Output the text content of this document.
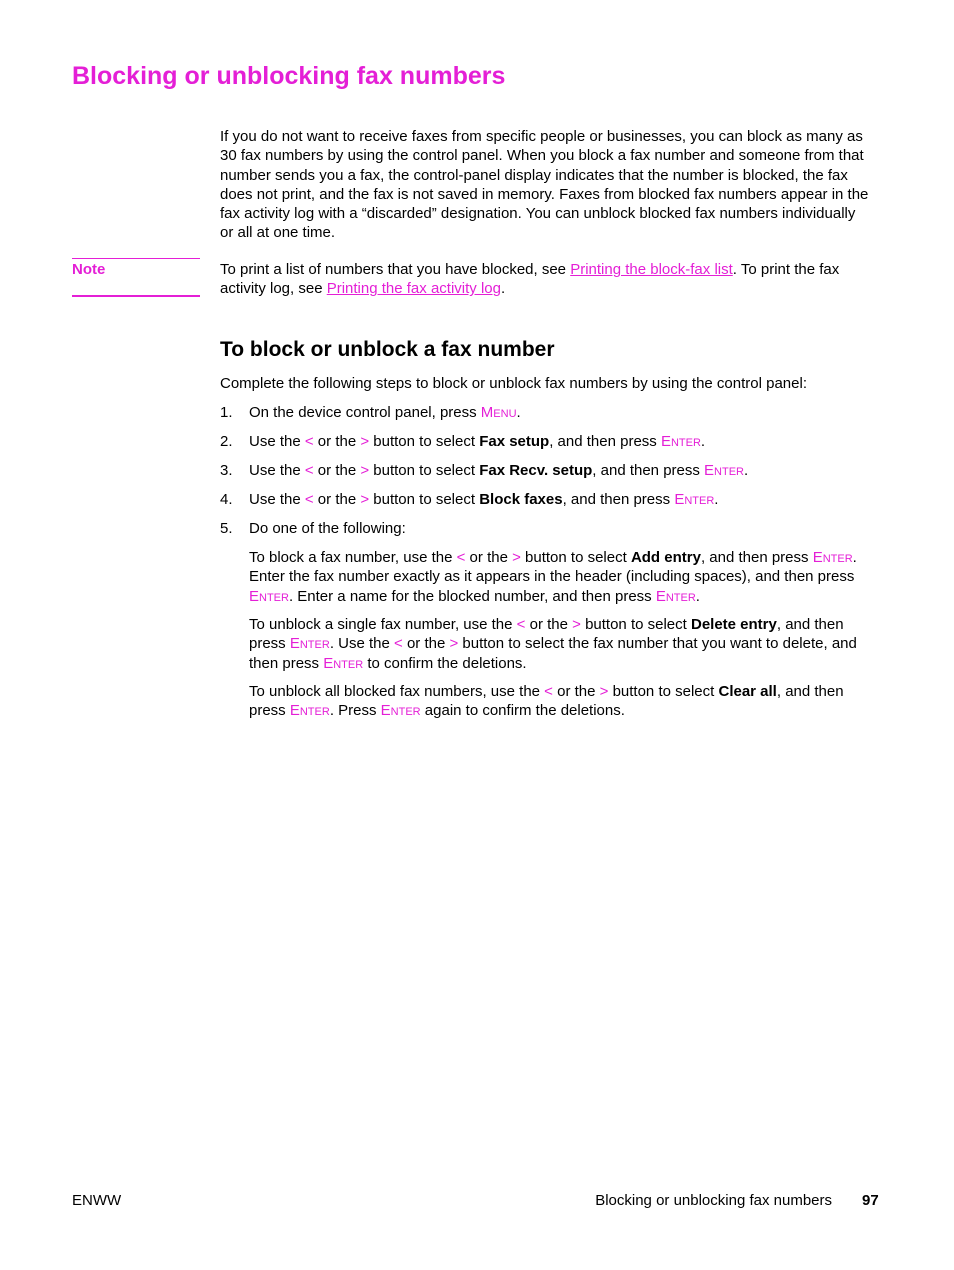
Blocking or unblocking fax numbers

If you do not want to receive faxes from specific people or businesses, you can block as many as 30 fax numbers by using the control panel. When you block a fax number and someone from that number sends you a fax, the control-panel display indicates that the number is blocked, the fax does not print, and the fax is not saved in memory. Faxes from blocked fax numbers appear in the fax activity log with a “discarded” designation. You can unblock blocked fax numbers individually or all at one time.

Note	To print a list of numbers that you have blocked, see Printing the block-fax list. To print the fax activity log, see Printing the fax activity log.

To block or unblock a fax number
Complete the following steps to block or unblock fax numbers by using the control panel:
1. On the device control panel, press Menu.
2. Use the < or the > button to select Fax setup, and then press Enter.
3. Use the < or the > button to select Fax Recv. setup, and then press Enter.
4. Use the < or the > button to select Block faxes, and then press Enter.
5. Do one of the following:

To block a fax number, use the < or the > button to select Add entry, and then press Enter. Enter the fax number exactly as it appears in the header (including spaces), and then press Enter. Enter a name for the blocked number, and then press Enter.

To unblock a single fax number, use the < or the > button to select Delete entry, and then press Enter. Use the < or the > button to select the fax number that you want to delete, and then press Enter to confirm the deletions.

To unblock all blocked fax numbers, use the < or the > button to select Clear all, and then press Enter. Press Enter again to confirm the deletions.

ENWW	Blocking or unblocking fax numbers 97
